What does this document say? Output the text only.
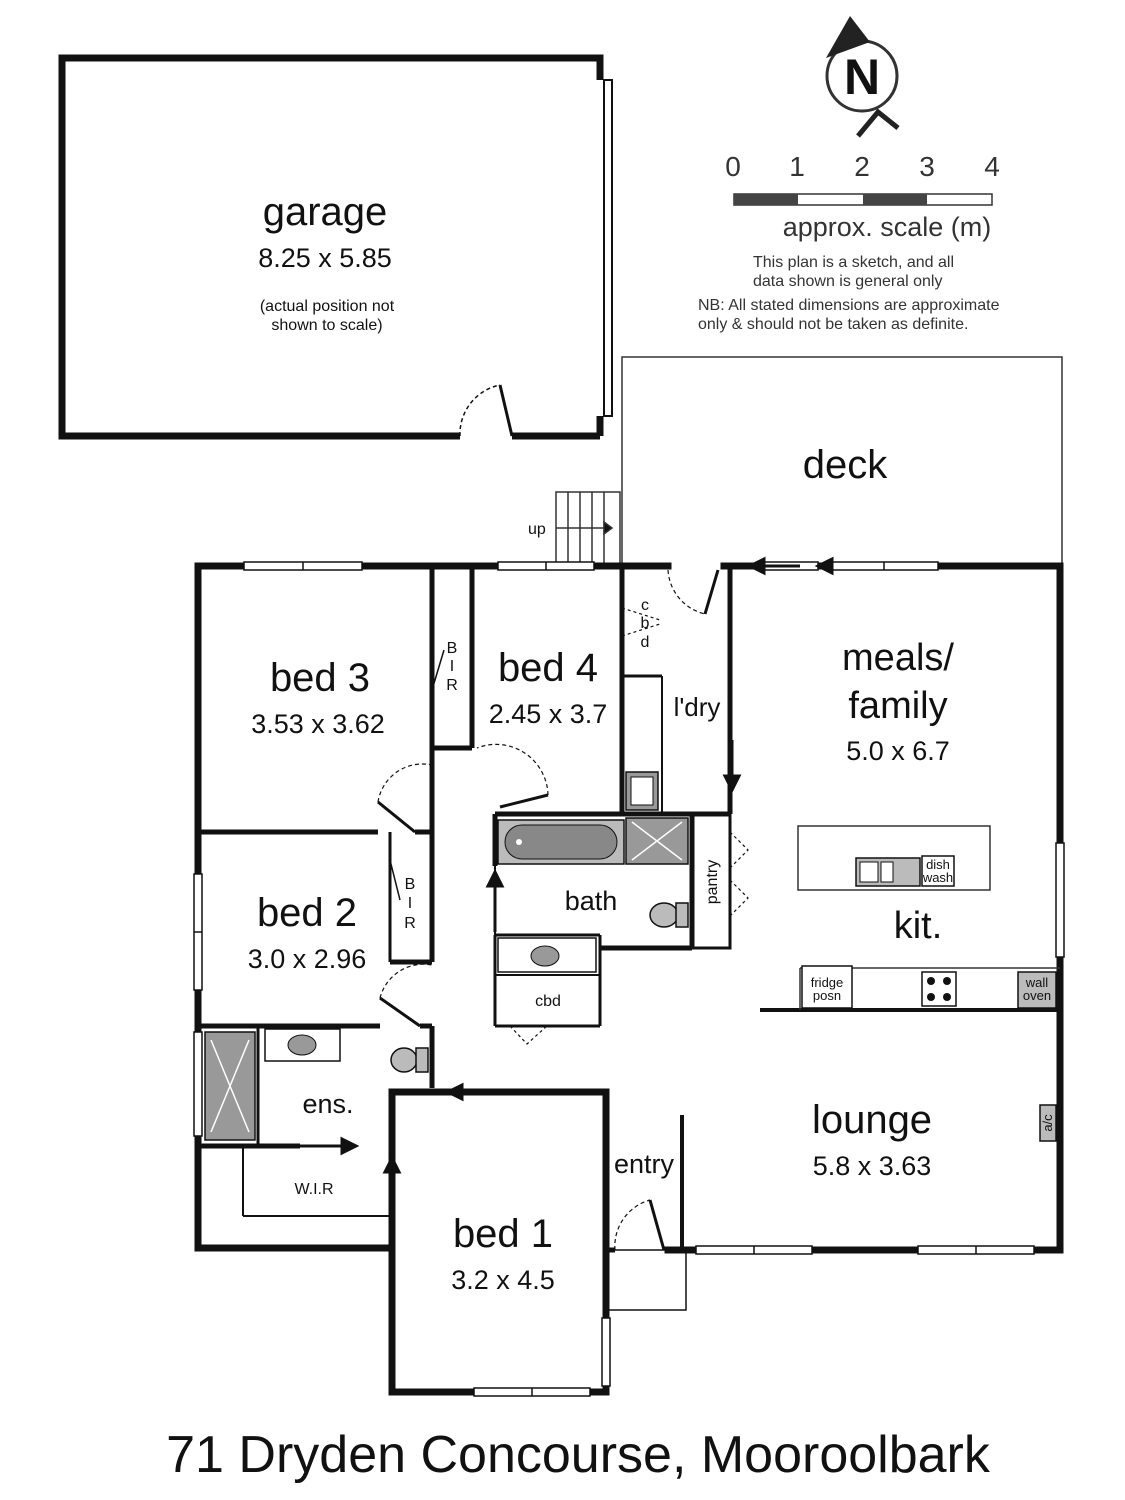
N
0 1 2 3 4
approx. scale (m)
This plan is a sketch, and all
data shown is general only
NB: All stated dimensions are approximate
only & should not be taken as definite.
garage
8.25 x 5.85
(actual position not
shown to scale)
deck
up
dish
wash
fridge
posn
wall
oven
a/c
bed 3
3.53 x 3.62
bed 4
2.45 x 3.7
meals/
family
5.0 x 6.7
l'dry
bed 2
3.0 x 2.96
bath
kit.
ens.	lounge
5.8 x 3.63
entry
bed 1
3.2 x 4.5
W.I.R
B
I
R
B
I
R
c
b
d
cbd
pantry
71 Dryden Concourse, Mooroolbark
